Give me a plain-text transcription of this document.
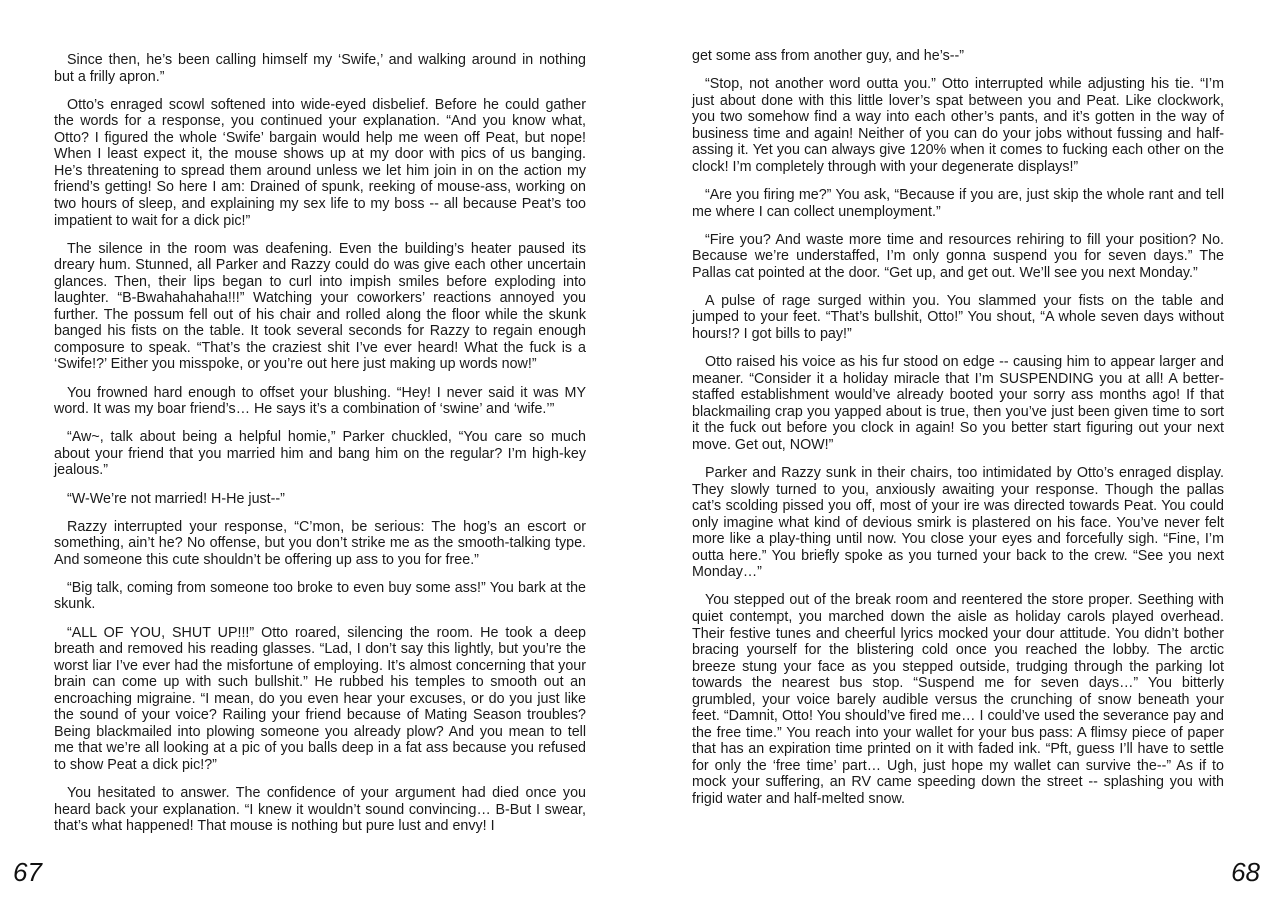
Since then, he’s been calling himself my ‘Swife,’ and walking around in nothing but a frilly apron.”

Otto’s enraged scowl softened into wide-eyed disbelief. Before he could gather the words for a response, you continued your explanation. “And you know what, Otto? I figured the whole ‘Swife’ bargain would help me ween off Peat, but nope! When I least expect it, the mouse shows up at my door with pics of us banging. He’s threatening to spread them around unless we let him join in on the action my friend’s getting! So here I am: Drained of spunk, reeking of mouse-ass, working on two hours of sleep, and explaining my sex life to my boss -- all because Peat’s too impatient to wait for a dick pic!”

The silence in the room was deafening. Even the building’s heater paused its dreary hum. Stunned, all Parker and Razzy could do was give each other uncertain glances. Then, their lips began to curl into impish smiles before exploding into laughter. “B-Bwahahahaha!!!” Watching your coworkers’ reactions annoyed you further. The possum fell out of his chair and rolled along the floor while the skunk banged his fists on the table. It took several seconds for Razzy to regain enough composure to speak. “That’s the craziest shit I’ve ever heard! What the fuck is a ‘Swife!?’ Either you misspoke, or you’re out here just making up words now!”

You frowned hard enough to offset your blushing. “Hey! I never said it was MY word. It was my boar friend’s… He says it’s a combination of ‘swine’ and ‘wife.’”

“Aw~, talk about being a helpful homie,” Parker chuckled, “You care so much about your friend that you married him and bang him on the regular? I’m high-key jealous.”

“W-We’re not married! H-He just--”

Razzy interrupted your response, “C’mon, be serious: The hog’s an escort or something, ain’t he? No offense, but you don’t strike me as the smooth-talking type. And someone this cute shouldn’t be offering up ass to you for free.”

“Big talk, coming from someone too broke to even buy some ass!” You bark at the skunk.

“ALL OF YOU, SHUT UP!!!” Otto roared, silencing the room. He took a deep breath and removed his reading glasses. “Lad, I don’t say this lightly, but you’re the worst liar I’ve ever had the misfortune of employing. It’s almost concerning that your brain can come up with such bullshit.” He rubbed his temples to smooth out an encroaching migraine. “I mean, do you even hear your excuses, or do you just like the sound of your voice? Railing your friend because of Mating Season troubles? Being blackmailed into plowing someone you already plow? And you mean to tell me that we’re all looking at a pic of you balls deep in a fat ass because you refused to show Peat a dick pic!?”

You hesitated to answer. The confidence of your argument had died once you heard back your explanation. “I knew it wouldn’t sound convincing… B-But I swear, that’s what happened! That mouse is nothing but pure lust and envy! I

get some ass from another guy, and he’s--”

“Stop, not another word outta you.” Otto interrupted while adjusting his tie. “I’m just about done with this little lover’s spat between you and Peat. Like clockwork, you two somehow find a way into each other’s pants, and it’s gotten in the way of business time and again! Neither of you can do your jobs without fussing and half-assing it. Yet you can always give 120% when it comes to fucking each other on the clock! I’m completely through with your degenerate displays!”

“Are you firing me?” You ask, “Because if you are, just skip the whole rant and tell me where I can collect unemployment.”

“Fire you? And waste more time and resources rehiring to fill your position? No. Because we’re understaffed, I’m only gonna suspend you for seven days.” The Pallas cat pointed at the door. “Get up, and get out. We’ll see you next Monday.”

A pulse of rage surged within you. You slammed your fists on the table and jumped to your feet. “That’s bullshit, Otto!” You shout, “A whole seven days without hours!? I got bills to pay!”

Otto raised his voice as his fur stood on edge -- causing him to appear larger and meaner. “Consider it a holiday miracle that I’m SUSPENDING you at all! A better-staffed establishment would’ve already booted your sorry ass months ago! If that blackmailing crap you yapped about is true, then you’ve just been given time to sort it the fuck out before you clock in again! So you better start figuring out your next move. Get out, NOW!”

Parker and Razzy sunk in their chairs, too intimidated by Otto’s enraged display. They slowly turned to you, anxiously awaiting your response. Though the pallas cat’s scolding pissed you off, most of your ire was directed towards Peat. You could only imagine what kind of devious smirk is plastered on his face. You’ve never felt more like a play-thing until now. You close your eyes and forcefully sigh. “Fine, I’m outta here.” You briefly spoke as you turned your back to the crew. “See you next Monday…”

You stepped out of the break room and reentered the store proper. Seething with quiet contempt, you marched down the aisle as holiday carols played overhead. Their festive tunes and cheerful lyrics mocked your dour attitude. You didn’t bother bracing yourself for the blistering cold once you reached the lobby. The arctic breeze stung your face as you stepped outside, trudging through the parking lot towards the nearest bus stop. “Suspend me for seven days…” You bitterly grumbled, your voice barely audible versus the crunching of snow beneath your feet. “Damnit, Otto! You should’ve fired me… I could’ve used the severance pay and the free time.” You reach into your wallet for your bus pass: A flimsy piece of paper that has an expiration time printed on it with faded ink. “Pft, guess I’ll have to settle for only the ‘free time’ part… Ugh, just hope my wallet can survive the--” As if to mock your suffering, an RV came speeding down the street -- splashing you with frigid water and half-melted snow.

67	68
